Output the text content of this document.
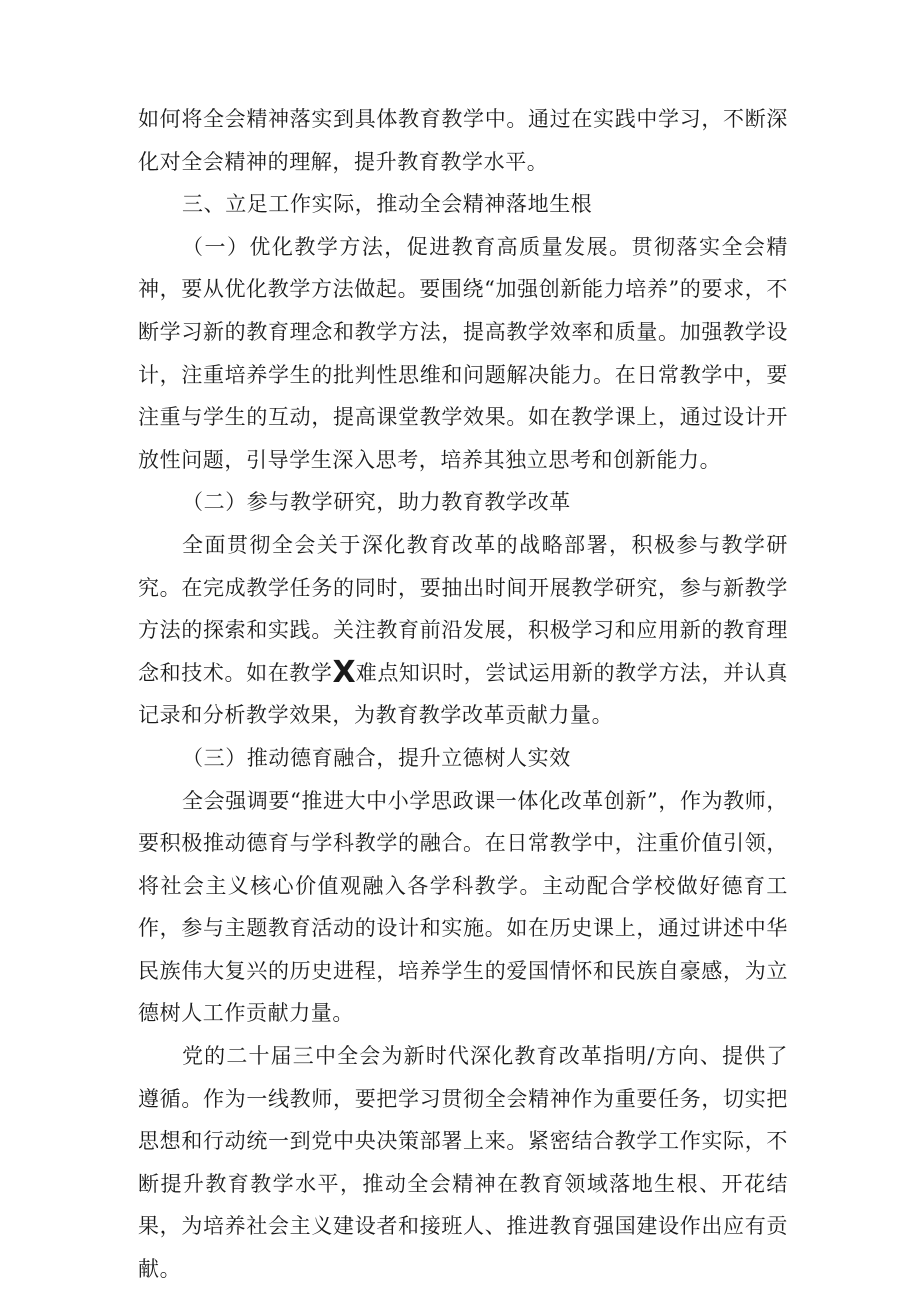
如何将全会精神落实到具体教育教学中。通过在实践中学习，不断深化对全会精神的理解，提升教育教学水平。

三、立足工作实际，推动全会精神落地生根

（一）优化教学方法，促进教育高质量发展。贯彻落实全会精神，要从优化教学方法做起。要围绕“加强创新能力培养”的要求，不断学习新的教育理念和教学方法，提高教学效率和质量。加强教学设计，注重培养学生的批判性思维和问题解决能力。在日常教学中，要注重与学生的互动，提高课堂教学效果。如在教学课上，通过设计开放性问题，引导学生深入思考，培养其独立思考和创新能力。

（二）参与教学研究，助力教育教学改革

全面贯彻全会关于深化教育改革的战略部署，积极参与教学研究。在完成教学任务的同时，要抽出时间开展教学研究，参与新教学方法的探索和实践。关注教育前沿发展，积极学习和应用新的教育理念和技术。如在教学X难点知识时，尝试运用新的教学方法，并认真记录和分析教学效果，为教育教学改革贡献力量。

（三）推动德育融合，提升立德树人实效

全会强调要“推进大中小学思政课一体化改革创新”，作为教师，要积极推动德育与学科教学的融合。在日常教学中，注重价值引领，将社会主义核心价值观融入各学科教学。主动配合学校做好德育工作，参与主题教育活动的设计和实施。如在历史课上，通过讲述中华民族伟大复兴的历史进程，培养学生的爱国情怀和民族自豪感，为立德树人工作贡献力量。

党的二十届三中全会为新时代深化教育改革指明/方向、提供了遵循。作为一线教师，要把学习贯彻全会精神作为重要任务，切实把思想和行动统一到党中央决策部署上来。紧密结合教学工作实际，不断提升教育教学水平，推动全会精神在教育领域落地生根、开花结果，为培养社会主义建设者和接班人、推进教育强国建设作出应有贡献。
